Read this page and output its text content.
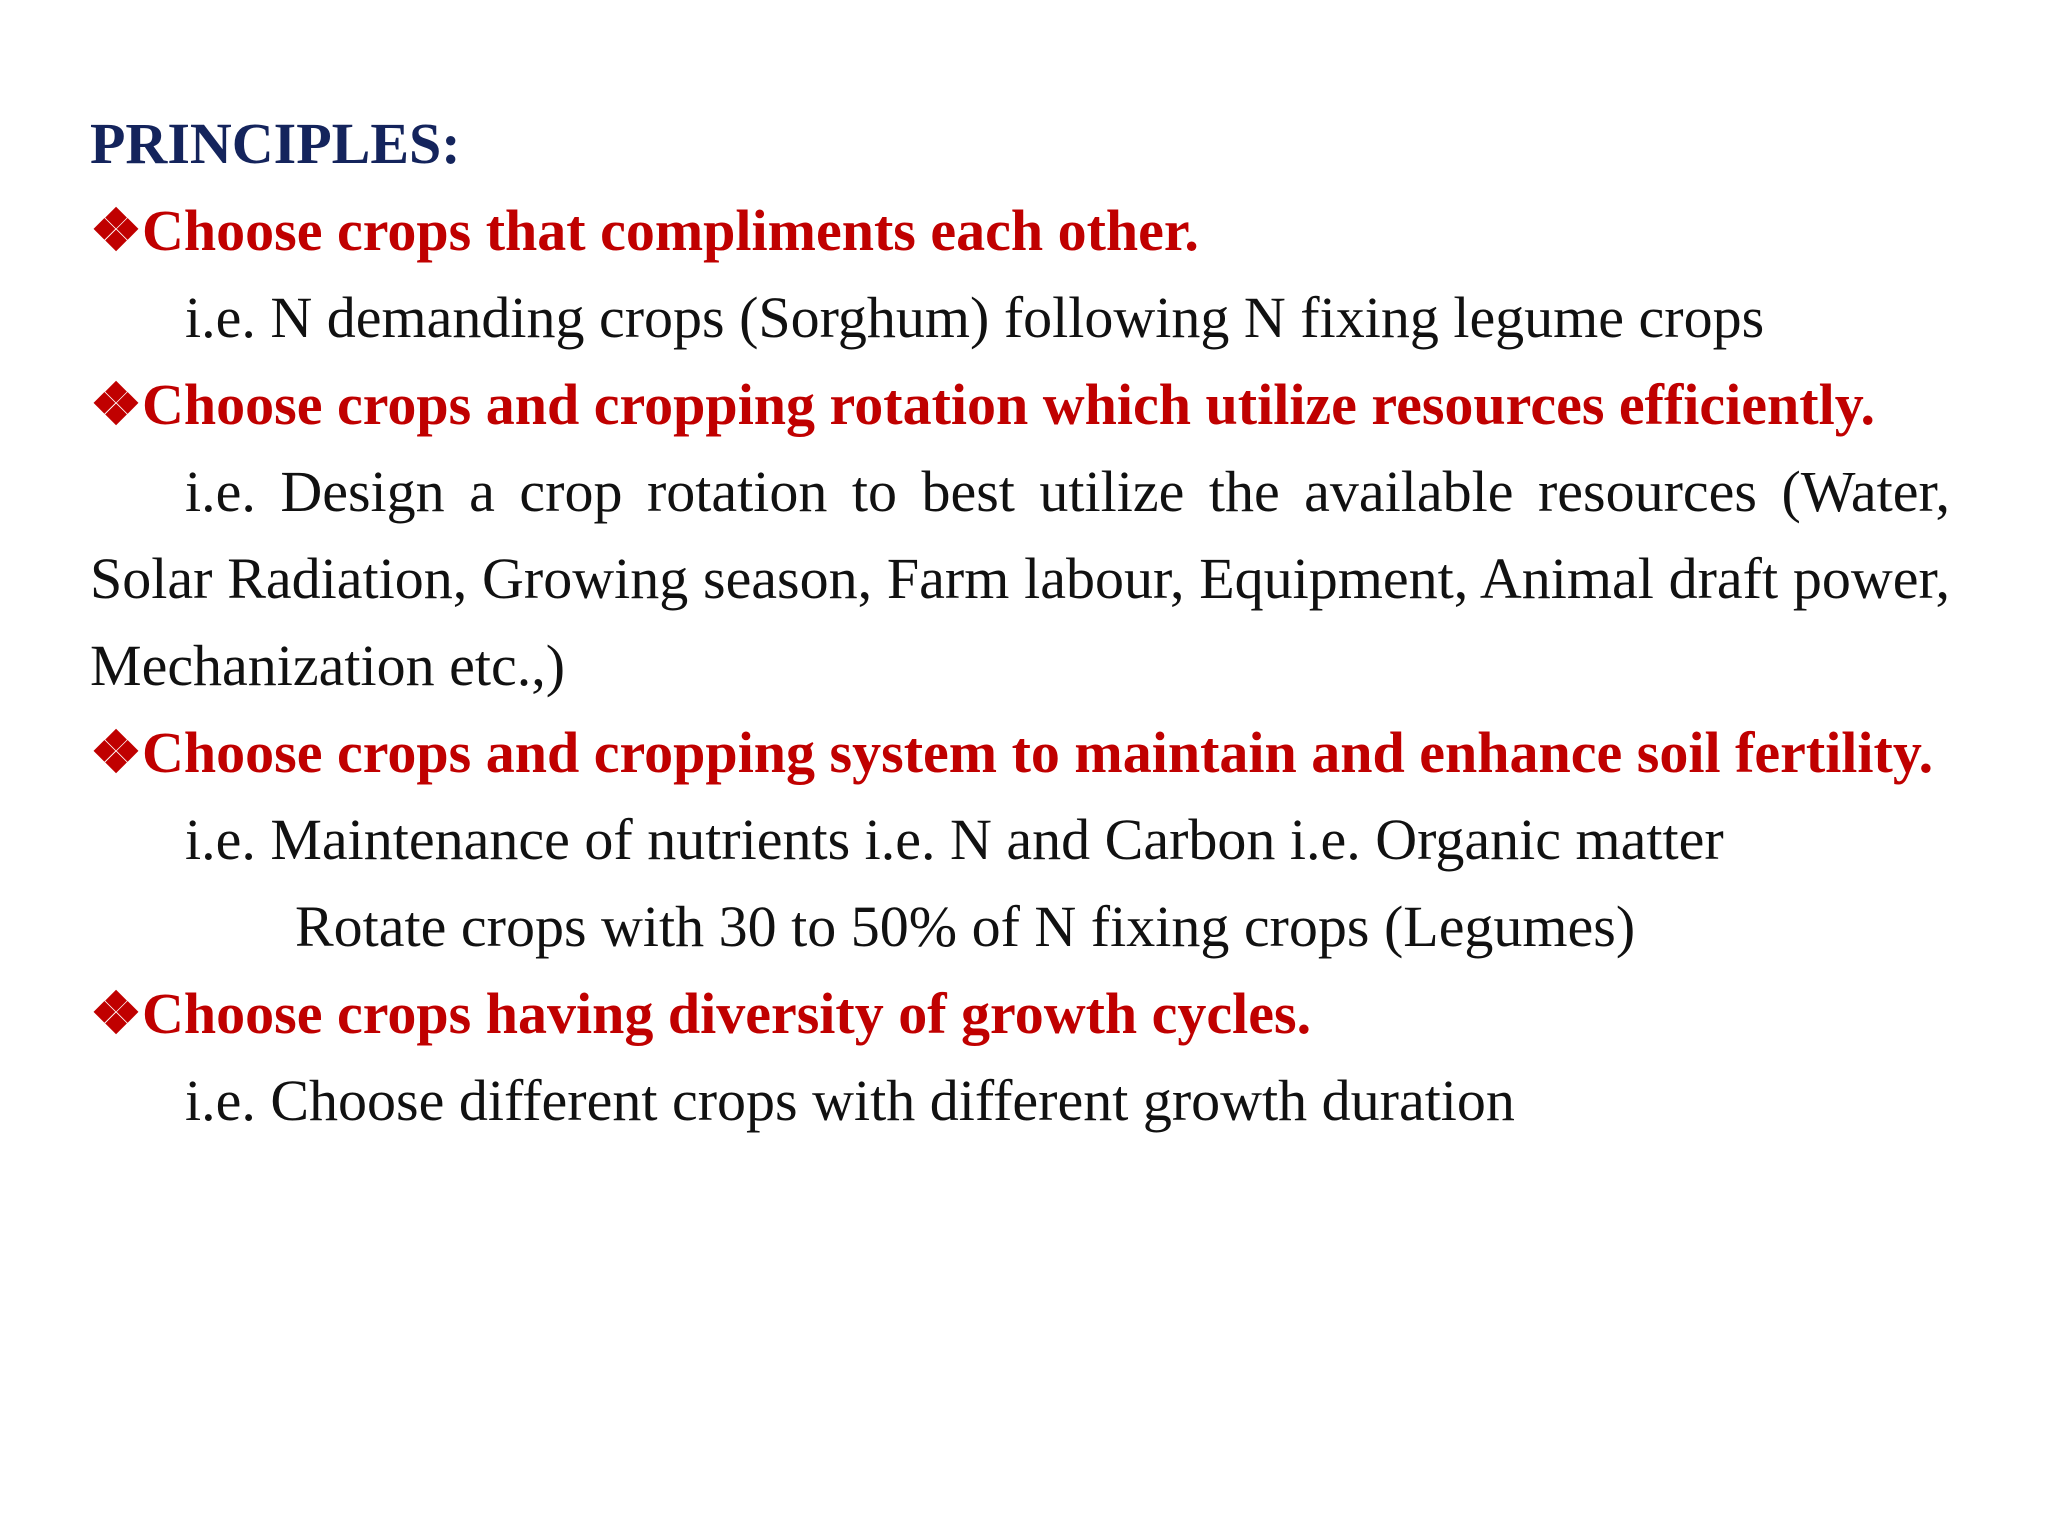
PRINCIPLES:

❖Choose crops that compliments each other.

i.e. N demanding crops (Sorghum) following N fixing legume crops

❖Choose crops and cropping rotation which utilize resources efficiently.

i.e. Design a crop rotation to best utilize the available resources (Water, Solar Radiation, Growing season, Farm labour, Equipment, Animal draft power, Mechanization etc.,)

❖Choose crops and cropping system to maintain and enhance soil fertility.

i.e. Maintenance of nutrients i.e. N and Carbon i.e. Organic matter

Rotate crops with 30 to 50% of N fixing crops (Legumes)

❖Choose crops having diversity of growth cycles.

i.e. Choose different crops with different growth duration
